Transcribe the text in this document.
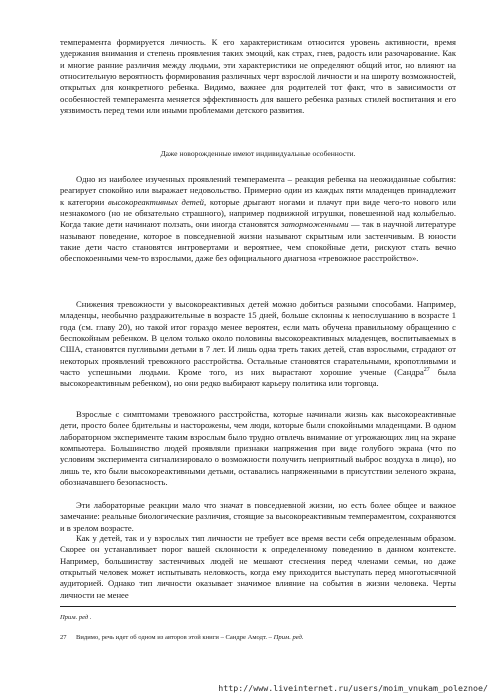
темперамента формируется личность. К его характеристикам относится уровень активности, время удержания внимания и степень проявления таких эмоций, как страх, гнев, радость или разочарование. Как и многие ранние различия между людьми, эти характеристики не определяют общий итог, но влияют на относительную вероятность формирования различных черт взрослой личности и на широту возможностей, открытых для конкретного ребенка. Видимо, важнее для родителей тот факт, что в зависимости от особенностей темперамента меняется эффективность для вашего ребенка разных стилей воспитания и его уязвимость перед теми или иными проблемами детского развития.

Даже новорожденные имеют индивидуальные особенности.

Одно из наиболее изученных проявлений темперамента – реакция ребенка на неожиданные события: реагирует спокойно или выражает недовольство. Примерно один из каждых пяти младенцев принадлежит к категории высокореактивных детей, которые дрыгают ногами и плачут при виде чего-то нового или незнакомого (но не обязательно страшного), например подвижной игрушки, повешенной над колыбелью. Когда такие дети начинают ползать, они иногда становятся заторможенными — так в научной литературе называют поведение, которое в повседневной жизни называют скрытным или застенчивым. В юности такие дети часто становятся интровертами и вероятнее, чем спокойные дети, рискуют стать вечно обеспокоенными чем-то взрослыми, даже без официального диагноза «тревожное расстройство».

Снижения тревожности у высокореактивных детей можно добиться разными способами. Например, младенцы, необычно раздражительные в возрасте 15 дней, больше склонны к непослушанию в возрасте 1 года (см. главу 20), но такой итог гораздо менее вероятен, если мать обучена правильному обращению с беспокойным ребенком. В целом только около половины высокореактивных младенцев, воспитываемых в США, становятся пугливыми детьми в 7 лет. И лишь одна треть таких детей, став взрослыми, страдают от некоторых проявлений тревожного расстройства. Остальные становятся старательными, кропотливыми и часто успешными людьми. Кроме того, из них вырастают хорошие ученые (Сандра$^{27}$ была высокореактивным ребенком), но они редко выбирают карьеру политика или торговца.

Взрослые с симптомами тревожного расстройства, которые начинали жизнь как высокореактивные дети, просто более бдительны и насторожены, чем люди, которые были спокойными младенцами. В одном лабораторном эксперименте таким взрослым было трудно отвлечь внимание от угрожающих лиц на экране компьютера. Большинство людей проявляли признаки напряжения при виде голубого экрана (что по условиям эксперимента сигнализировало о возможности получить неприятный выброс воздуха в лицо), но лишь те, кто были высокореактивными детьми, оставались напряженными в присутствии зеленого экрана, обозначавшего безопасность.

Эти лабораторные реакции мало что значат в повседневной жизни, но есть более общее и важное замечание: реальные биологические различия, стоящие за высокореактивным темпераментом, сохраняются и в зрелом возрасте.

Как у детей, так и у взрослых тип личности не требует все время вести себя определенным образом. Скорее он устанавливает порог вашей склонности к определенному поведению в данном контексте. Например, большинству застенчивых людей не мешают стеснения перед членами семьи, но даже открытый человек может испытывать неловкость, когда ему приходится выступать перед многотысячной аудиторией. Однако тип личности оказывает значимое влияние на события в жизни человека. Черты личности не менее

Прим. ред .

27 Видимо, речь идет об одном из авторов этой книги – Сандре Амодт. – Прим. ред.

http://www.liveinternet.ru/users/moim_vnukam_poleznoe/
